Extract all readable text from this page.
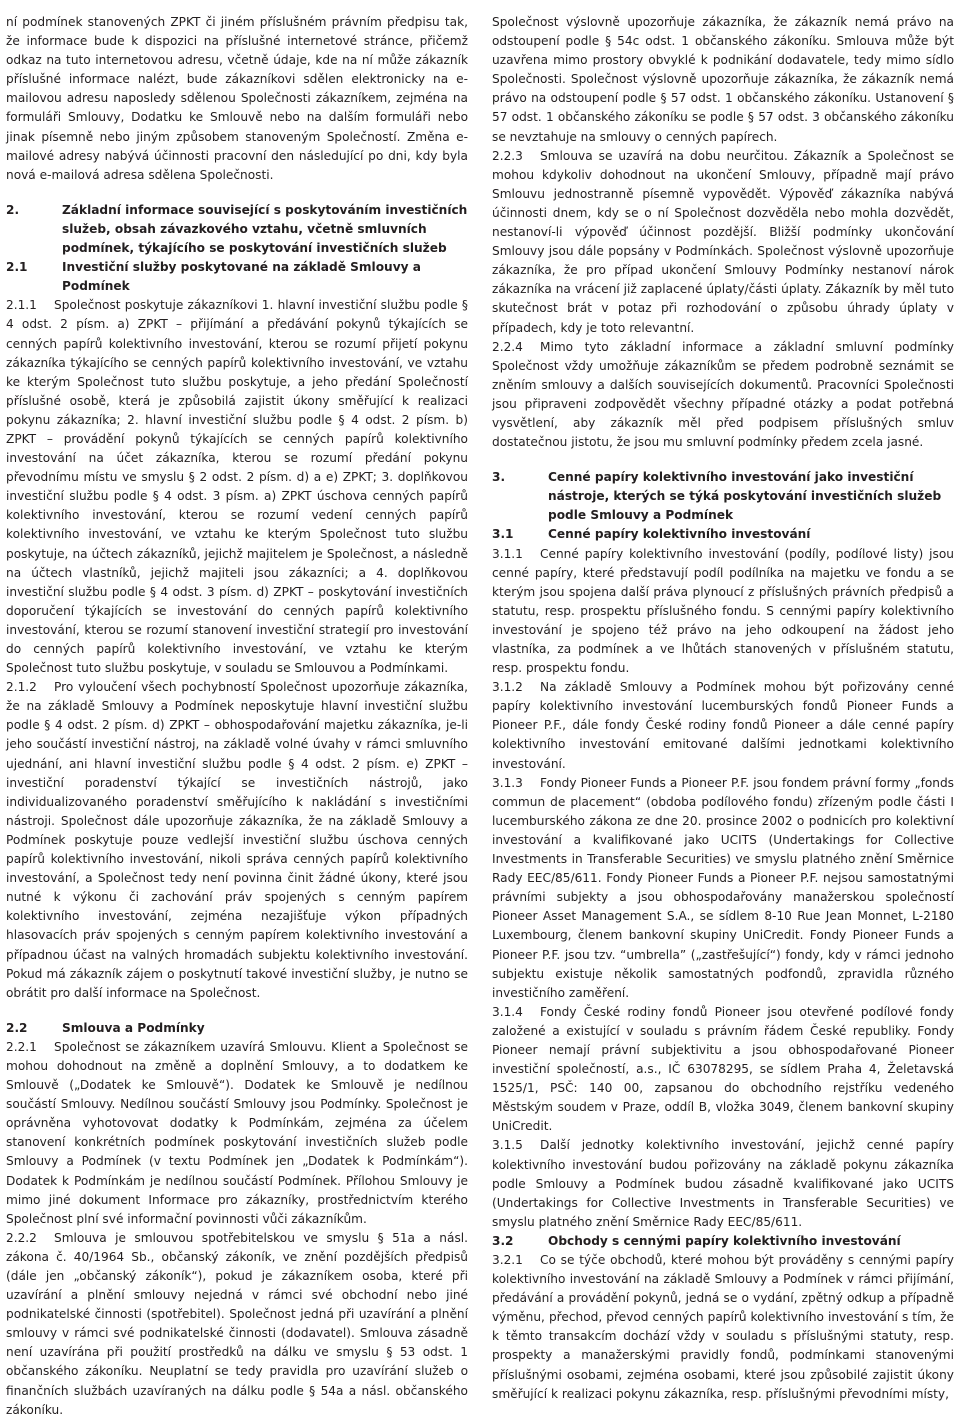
ní podmínek stanovených ZPKT či jiném příslušném právním předpisu tak, že informace bude k dispozici na příslušné internetové stránce, přičemž odkaz na tuto internetovou adresu, včetně údaje, kde na ní může zákazník příslušné informace nalézt, bude zákazníkovi sdělen elektronicky na e-mailovou adresu naposledy sdělenou Společnosti zákazníkem, zejména na formuláři Smlouvy, Dodatku ke Smlouvě nebo na dalším formuláři nebo jinak písemně nebo jiným způsobem stanoveným Společností. Změna e-mailové adresy nabývá účinnosti pracovní den následující po dni, kdy byla nová e-mailová adresa sdělena Společnosti.

2.	Základní informace související s poskytováním investičních služeb, obsah závazkového vztahu, včetně smluvních podmínek, týkajícího se poskytování investičních služeb
2.1	Investiční služby poskytované na základě Smlouvy a Podmínek

2.1.1 Společnost poskytuje zákazníkovi 1. hlavní investiční službu podle § 4 odst. 2 písm. a) ZPKT – přijímání a předávání pokynů týkajících se cenných papírů kolektivního investování, kterou se rozumí přijetí pokynu zákazníka týkajícího se cenných papírů kolektivního investování, ve vztahu ke kterým Společnost tuto službu poskytuje, a jeho předání Společností příslušné osobě, která je způsobilá zajistit úkony směřující k realizaci pokynu zákazníka; 2. hlavní investiční službu podle § 4 odst. 2 písm. b) ZPKT – provádění pokynů týkajících se cenných papírů kolektivního investování na účet zákazníka, kterou se rozumí předání pokynu převodnímu místu ve smyslu § 2 odst. 2 písm. d) a e) ZPKT; 3. doplňkovou investiční službu podle § 4 odst. 3 písm. a) ZPKT úschova cenných papírů kolektivního investování, kterou se rozumí vedení cenných papírů kolektivního investování, ve vztahu ke kterým Společnost tuto službu poskytuje, na účtech zákazníků, jejichž majitelem je Společnost, a následně na účtech vlastníků, jejichž majiteli jsou zákazníci; a 4. doplňkovou investiční službu podle § 4 odst. 3 písm. d) ZPKT – poskytování investičních doporučení týkajících se investování do cenných papírů kolektivního investování, kterou se rozumí stanovení investiční strategií pro investování do cenných papírů kolektivního investování, ve vztahu ke kterým Společnost tuto službu poskytuje, v souladu se Smlouvou a Podmínkami.

2.1.2 Pro vyloučení všech pochybností Společnost upozorňuje zákazníka, že na základě Smlouvy a Podmínek neposkytuje hlavní investiční službu podle § 4 odst. 2 písm. d) ZPKT – obhospodařování majetku zákazníka, je-li jeho součástí investiční nástroj, na základě volné úvahy v rámci smluvního ujednání, ani hlavní investiční službu podle § 4 odst. 2 písm. e) ZPKT – investiční poradenství týkající se investičních nástrojů, jako individualizovaného poradenství směřujícího k nakládání s investičními nástroji. Společnost dále upozorňuje zákazníka, že na základě Smlouvy a Podmínek poskytuje pouze vedlejší investiční službu úschova cenných papírů kolektivního investování, nikoli správa cenných papírů kolektivního investování, a Společnost tedy není povinna činit žádné úkony, které jsou nutné k výkonu či zachování práv spojených s cenným papírem kolektivního investování, zejména nezajišťuje výkon případných hlasovacích práv spojených s cenným papírem kolektivního investování a případnou účast na valných hromadách subjektu kolektivního investování. Pokud má zákazník zájem o poskytnutí takové investiční služby, je nutno se obrátit pro další informace na Společnost.

2.2	Smlouva a Podmínky

2.2.1 Společnost se zákazníkem uzavírá Smlouvu. Klient a Společnost se mohou dohodnout na změně a doplnění Smlouvy, a to dodatkem ke Smlouvě („Dodatek ke Smlouvě“). Dodatek ke Smlouvě je nedílnou součástí Smlouvy. Nedílnou součástí Smlouvy jsou Podmínky. Společnost je oprávněna vyhotovovat dodatky k Podmínkám, zejména za účelem stanovení konkrétních podmínek poskytování investičních služeb podle Smlouvy a Podmínek (v textu Podmínek jen „Dodatek k Podmínkám“). Dodatek k Podmínkám je nedílnou součástí Podmínek. Přílohou Smlouvy je mimo jiné dokument Informace pro zákazníky, prostřednictvím kterého Společnost plní své informační povinnosti vůči zákazníkům.

2.2.2 Smlouva je smlouvou spotřebitelskou ve smyslu § 51a a násl. zákona č. 40/1964 Sb., občanský zákoník, ve znění pozdějších předpisů (dále jen „občanský zákoník“), pokud je zákazníkem osoba, které při uzavírání a plnění smlouvy nejedná v rámci své obchodní nebo jiné podnikatelské činnosti (spotřebitel). Společnost jedná při uzavírání a plnění smlouvy v rámci své podnikatelské činnosti (dodavatel). Smlouva zásadně není uzavírána při použití prostředků na dálku ve smyslu § 53 odst. 1 občanského zákoníku. Neuplatní se tedy pravidla pro uzavírání služeb o finančních službách uzavíraných na dálku podle § 54a a násl. občanského zákoníku.

Společnost výslovně upozorňuje zákazníka, že zákazník nemá právo na odstoupení podle § 54c odst. 1 občanského zákoníku. Smlouva může být uzavřena mimo prostory obvyklé k podnikání dodavatele, tedy mimo sídlo Společnosti. Společnost výslovně upozorňuje zákazníka, že zákazník nemá právo na odstoupení podle § 57 odst. 1 občanského zákoníku. Ustanovení § 57 odst. 1 občanského zákoníku se podle § 57 odst. 3 občanského zákoníku se nevztahuje na smlouvy o cenných papírech.

2.2.3 Smlouva se uzavírá na dobu neurčitou. Zákazník a Společnost se mohou kdykoliv dohodnout na ukončení Smlouvy, případně mají právo Smlouvu jednostranně písemně vypovědět. Výpověď zákazníka nabývá účinnosti dnem, kdy se o ní Společnost dozvěděla nebo mohla dozvědět, nestanoví-li výpověď účinnost pozdější. Bližší podmínky ukončování Smlouvy jsou dále popsány v Podmínkách. Společnost výslovně upozorňuje zákazníka, že pro případ ukončení Smlouvy Podmínky nestanoví nárok zákazníka na vrácení již zaplacené úplaty/části úplaty. Zákazník by měl tuto skutečnost brát v potaz při rozhodování o způsobu úhrady úplaty v případech, kdy je toto relevantní.

2.2.4 Mimo tyto základní informace a základní smluvní podmínky Společnost vždy umožňuje zákazníkům se předem podrobně seznámit se zněním smlouvy a dalších souvisejících dokumentů. Pracovníci Společnosti jsou připraveni zodpovědět všechny případné otázky a podat potřebná vysvětlení, aby zákazník měl před podpisem příslušných smluv dostatečnou jistotu, že jsou mu smluvní podmínky předem zcela jasné.

3.	Cenné papíry kolektivního investování jako investiční nástroje, kterých se týká poskytování investičních služeb podle Smlouvy a Podmínek
3.1	Cenné papíry kolektivního investování

3.1.1 Cenné papíry kolektivního investování (podíly, podílové listy) jsou cenné papíry, které představují podíl podílníka na majetku ve fondu a se kterým jsou spojena další práva plynoucí z příslušných právních předpisů a statutu, resp. prospektu příslušného fondu. S cennými papíry kolektivního investování je spojeno též právo na jeho odkoupení na žádost jeho vlastníka, za podmínek a ve lhůtách stanovených v příslušném statutu, resp. prospektu fondu.

3.1.2 Na základě Smlouvy a Podmínek mohou být pořizovány cenné papíry kolektivního investování lucemburských fondů Pioneer Funds a Pioneer P.F., dále fondy České rodiny fondů Pioneer a dále cenné papíry kolektivního investování emitované dalšími jednotkami kolektivního investování.

3.1.3 Fondy Pioneer Funds a Pioneer P.F. jsou fondem právní formy „fonds commun de placement“ (obdoba podílového fondu) zřízeným podle části I lucemburského zákona ze dne 20. prosince 2002 o podnicích pro kolektivní investování a kvalifikované jako UCITS (Undertakings for Collective Investments in Transferable Securities) ve smyslu platného znění Směrnice Rady EEC/85/611. Fondy Pioneer Funds a Pioneer P.F. nejsou samostatnými právními subjekty a jsou obhospodařovány manažerskou společností Pioneer Asset Management S.A., se sídlem 8-10 Rue Jean Monnet, L-2180 Luxembourg, členem bankovní skupiny UniCredit. Fondy Pioneer Funds a Pioneer P.F. jsou tzv. “umbrella” („zastřešující“) fondy, kdy v rámci jednoho subjektu existuje několik samostatných podfondů, zpravidla různého investičního zaměření.

3.1.4 Fondy České rodiny fondů Pioneer jsou otevřené podílové fondy založené a existující v souladu s právním řádem České republiky. Fondy Pioneer nemají právní subjektivitu a jsou obhospodařované Pioneer investiční společností, a.s., IČ 63078295, se sídlem Praha 4, Želetavská 1525/1, PSČ: 140 00, zapsanou do obchodního rejstříku vedeného Městským soudem v Praze, oddíl B, vložka 3049, členem bankovní skupiny UniCredit.

3.1.5 Další jednotky kolektivního investování, jejichž cenné papíry kolektivního investování budou pořizovány na základě pokynu zákazníka podle Smlouvy a Podmínek budou zásadně kvalifikované jako UCITS (Undertakings for Collective Investments in Transferable Securities) ve smyslu platného znění Směrnice Rady EEC/85/611.

3.2	Obchody s cennými papíry kolektivního investování

3.2.1 Co se týče obchodů, které mohou být prováděny s cennými papíry kolektivního investování na základě Smlouvy a Podmínek v rámci přijímání, předávání a provádění pokynů, jedná se o vydání, zpětný odkup a případně výměnu, přechod, převod cenných papírů kolektivního investování s tím, že k těmto transakcím dochází vždy v souladu s příslušnými statuty, resp. prospekty a manažerskými pravidly fondů, podmínkami stanovenými příslušnými osobami, zejména osobami, které jsou způsobilé zajistit úkony směřující k realizaci pokynu zákazníka, resp. příslušnými převodními místy,
